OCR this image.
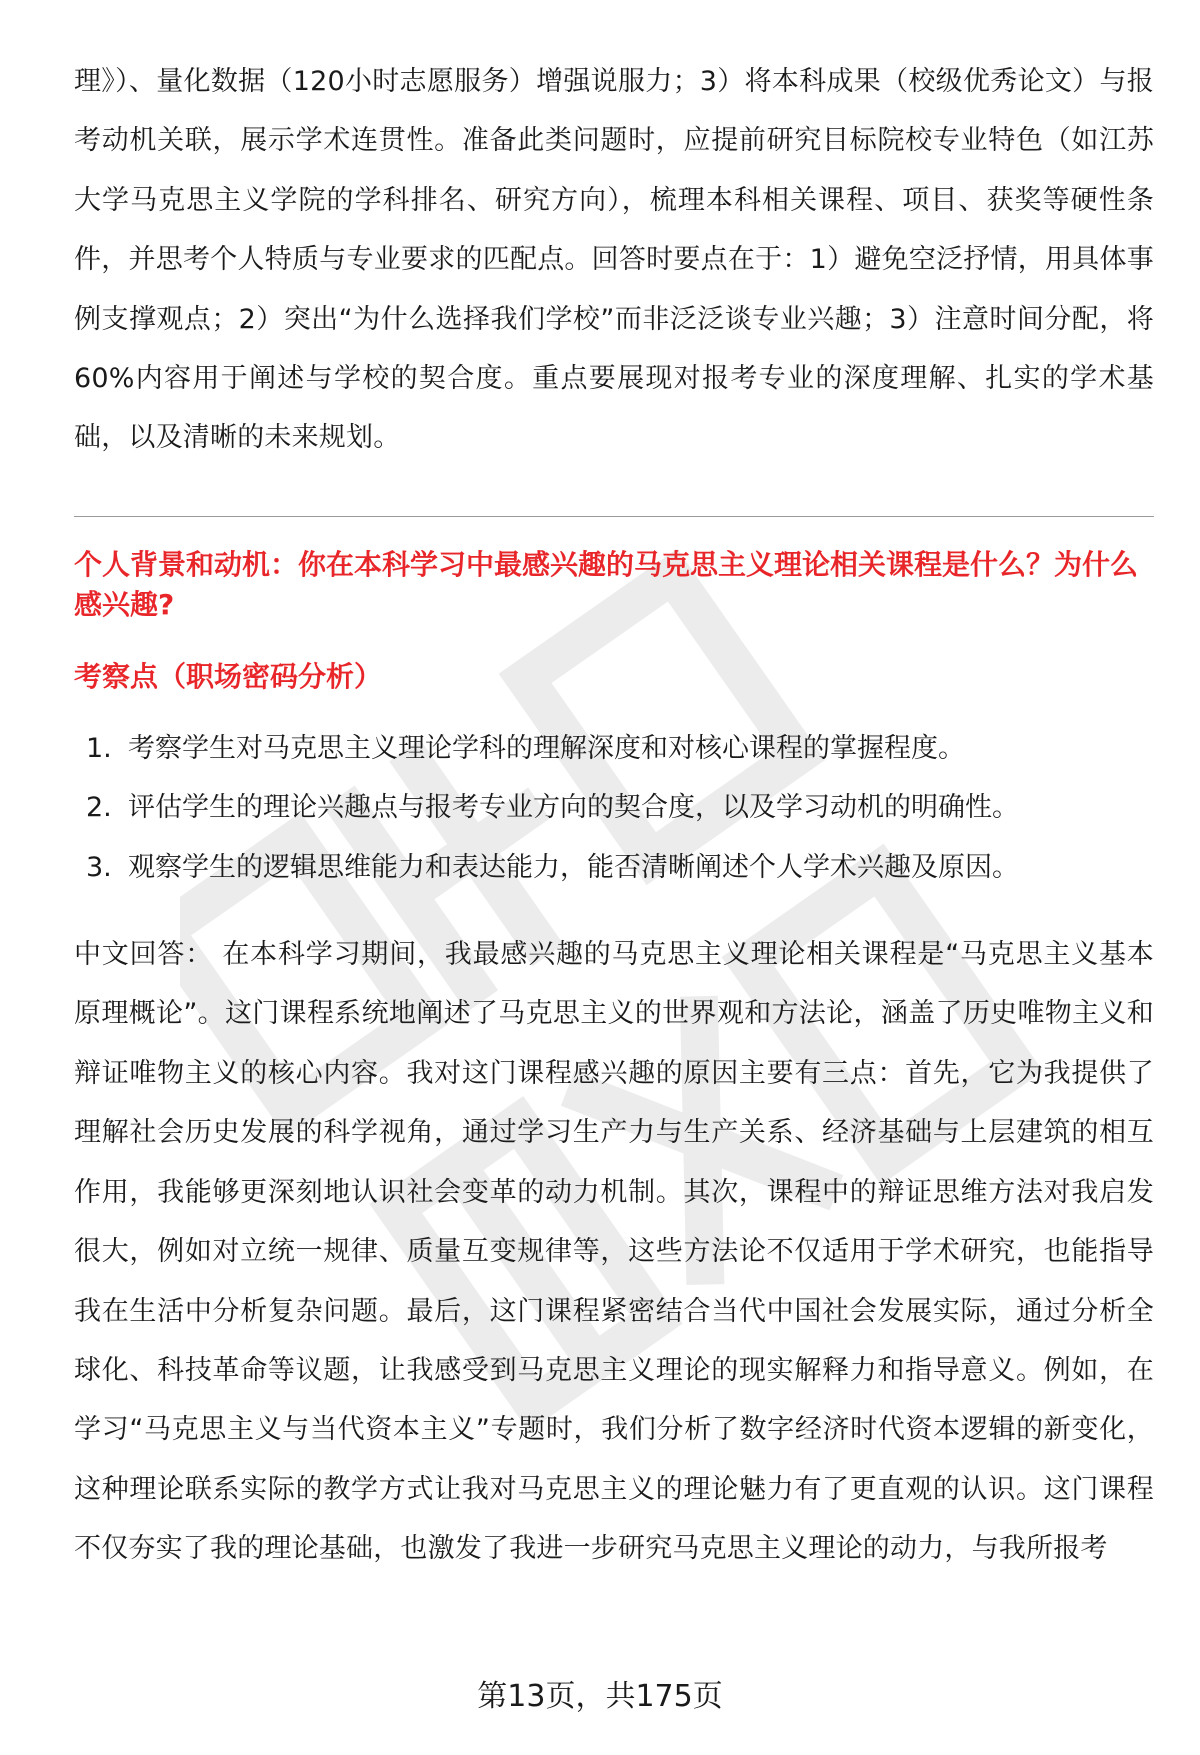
理》）、量化数据（120小时志愿服务）增强说服力；3）将本科成果（校级优秀论文）与报考动机关联，展示学术连贯性。准备此类问题时，应提前研究目标院校专业特色（如江苏大学马克思主义学院的学科排名、研究方向），梳理本科相关课程、项目、获奖等硬性条件，并思考个人特质与专业要求的匹配点。回答时要点在于：1）避免空泛抒情，用具体事例支撑观点；2）突出“为什么选择我们学校”而非泛泛谈专业兴趣；3）注意时间分配，将60%内容用于阐述与学校的契合度。重点要展现对报考专业的深度理解、扎实的学术基础，以及清晰的未来规划。

个人背景和动机：你在本科学习中最感兴趣的马克思主义理论相关课程是什么？为什么感兴趣?

考察点（职场密码分析）

1. 考察学生对马克思主义理论学科的理解深度和对核心课程的掌握程度。
2. 评估学生的理论兴趣点与报考专业方向的契合度，以及学习动机的明确性。
3. 观察学生的逻辑思维能力和表达能力，能否清晰阐述个人学术兴趣及原因。

中文回答： 在本科学习期间，我最感兴趣的马克思主义理论相关课程是“马克思主义基本原理概论”。这门课程系统地阐述了马克思主义的世界观和方法论，涵盖了历史唯物主义和辩证唯物主义的核心内容。我对这门课程感兴趣的原因主要有三点：首先，它为我提供了理解社会历史发展的科学视角，通过学习生产力与生产关系、经济基础与上层建筑的相互作用，我能够更深刻地认识社会变革的动力机制。其次，课程中的辩证思维方法对我启发很大，例如对立统一规律、质量互变规律等，这些方法论不仅适用于学术研究，也能指导我在生活中分析复杂问题。最后，这门课程紧密结合当代中国社会发展实际，通过分析全球化、科技革命等议题，让我感受到马克思主义理论的现实解释力和指导意义。例如，在学习“马克思主义与当代资本主义”专题时，我们分析了数字经济时代资本逻辑的新变化，这种理论联系实际的教学方式让我对马克思主义的理论魅力有了更直观的认识。这门课程不仅夯实了我的理论基础，也激发了我进一步研究马克思主义理论的动力，与我所报考

第13页，共175页
